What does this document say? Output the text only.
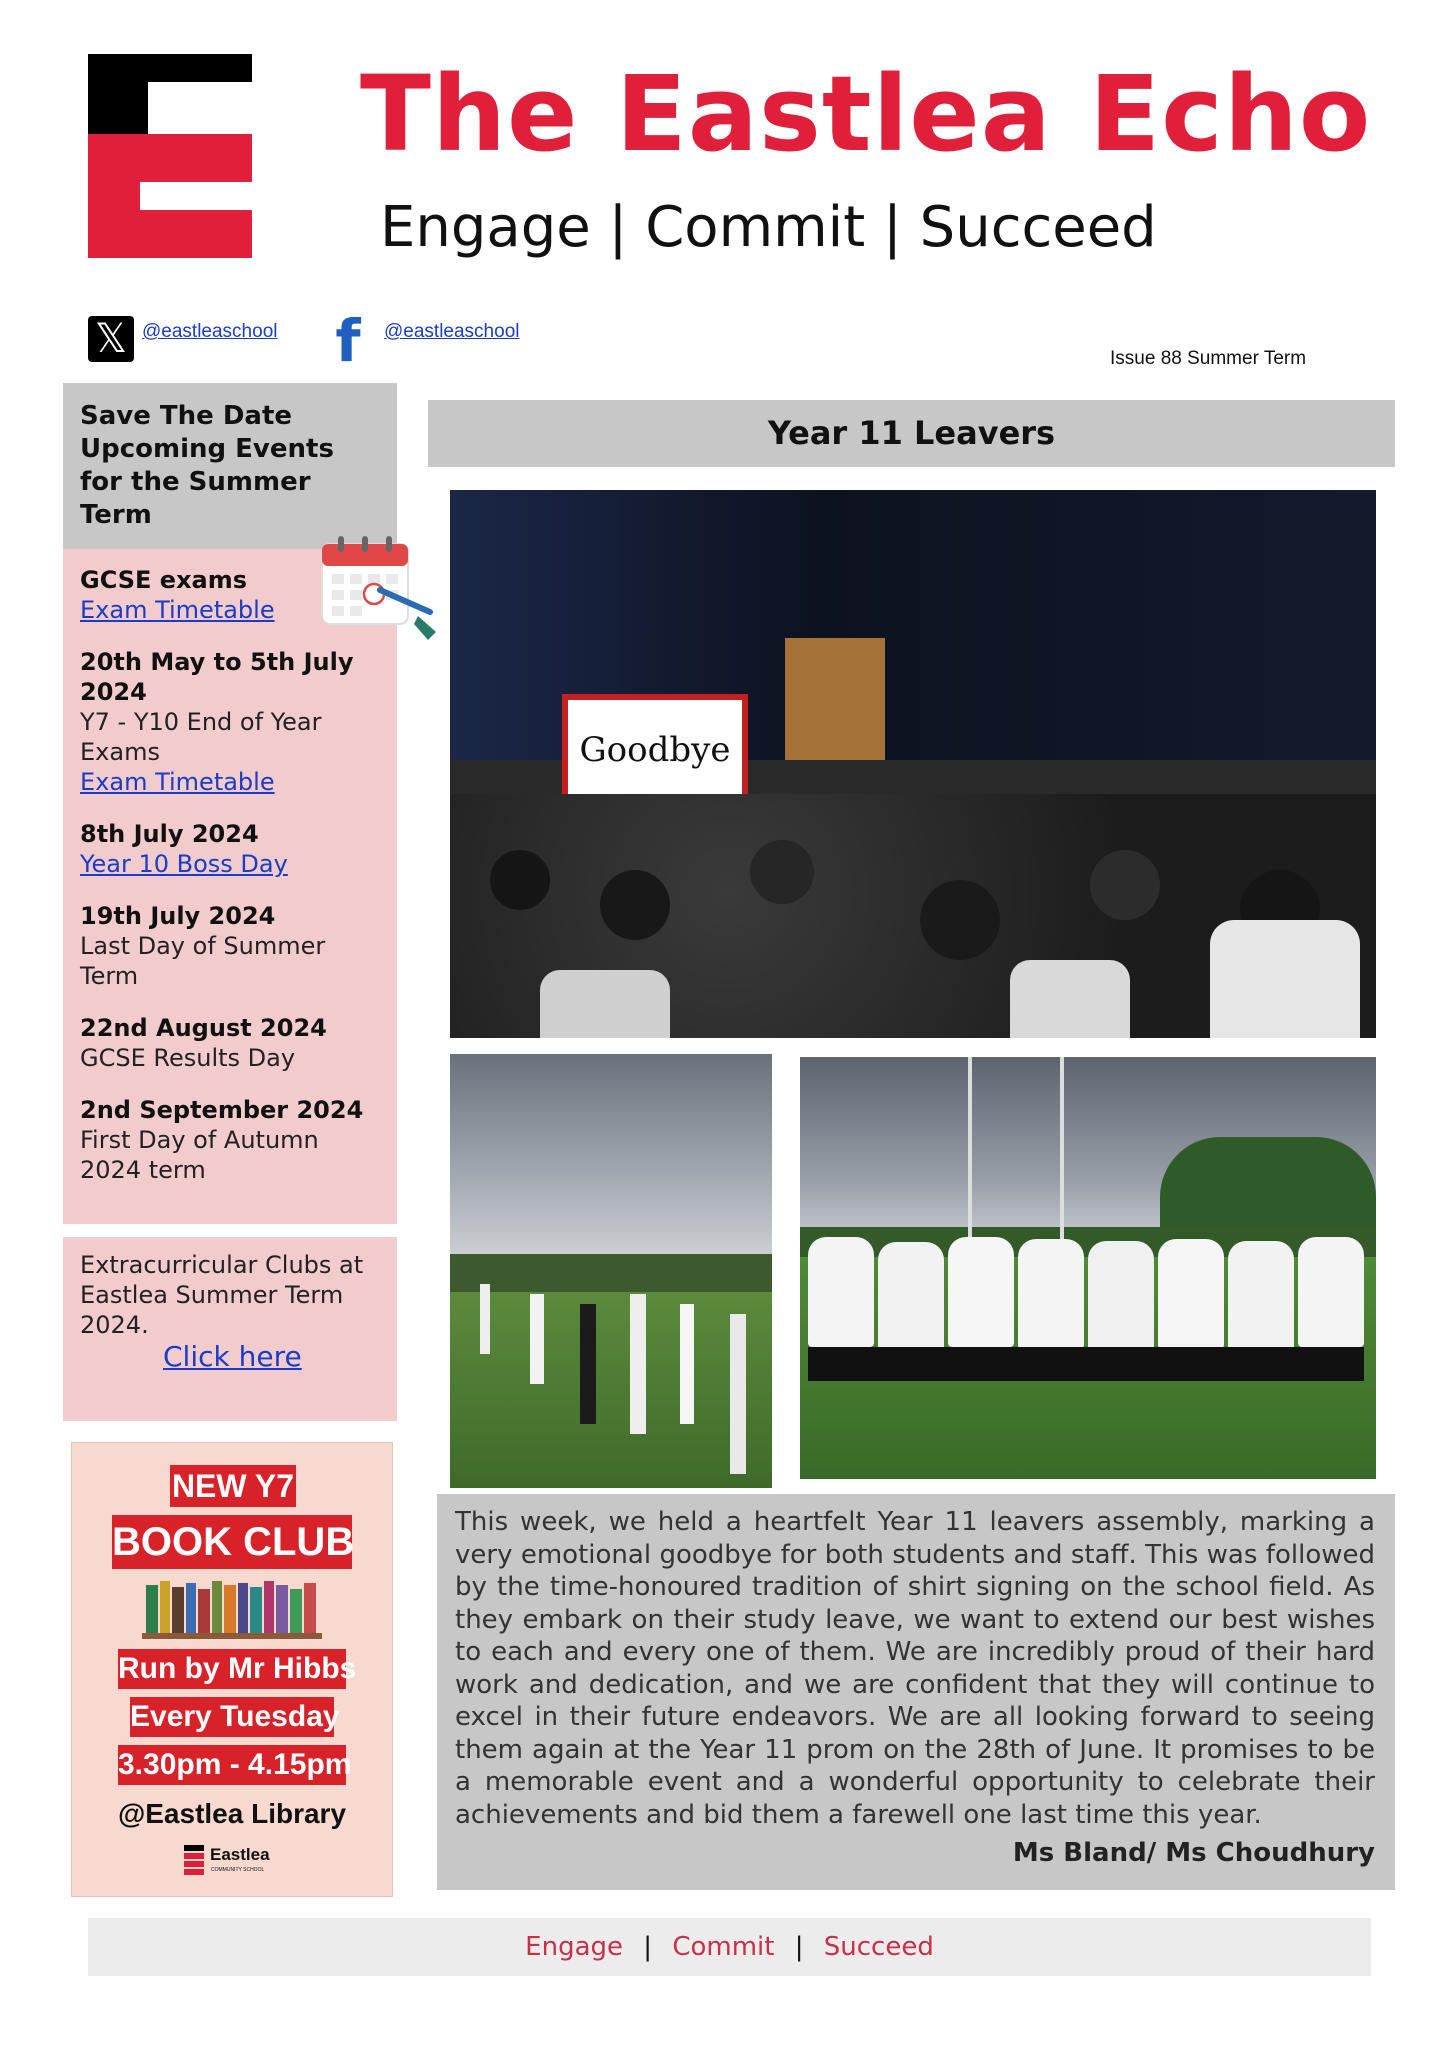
The Eastlea Echo
Engage | Commit | Succeed
𝕏 @eastleaschool f	@eastleaschool
Issue 88 Summer Term
Save The Date Upcoming Events for the Summer Term
GCSE exams
Exam Timetable
20th May to 5th July 2024
Y7 - Y10 End of Year Exams
Exam Timetable
8th July 2024
Year 10 Boss Day
19th July 2024
Last Day of Summer Term
22nd August 2024
GCSE Results Day
2nd September 2024
First Day of Autumn 2024 term
Extracurricular Clubs at Eastlea Summer Term 2024.
Click here
NEW Y7
BOOK CLUB
Run by Mr Hibbs
Every Tuesday
3.30pm - 4.15pm
@Eastlea Library
Eastlea
COMMUNITY SCHOOL
Year 11 Leavers
Goodbye
This week, we held a heartfelt Year 11 leavers assembly, marking a very emotional goodbye for both students and staff. This was followed by the time-honoured tradition of shirt signing on the school field. As they embark on their study leave, we want to extend our best wishes to each and every one of them. We are incredibly proud of their hard work and dedication, and we are confident that they will continue to excel in their future endeavors. We are all looking forward to seeing them again at the Year 11 prom on the 28th of June. It promises to be a memorable event and a wonderful opportunity to celebrate their achievements and bid them a farewell one last time this year.
Ms Bland/ Ms Choudhury
Engage | Commit | Succeed
